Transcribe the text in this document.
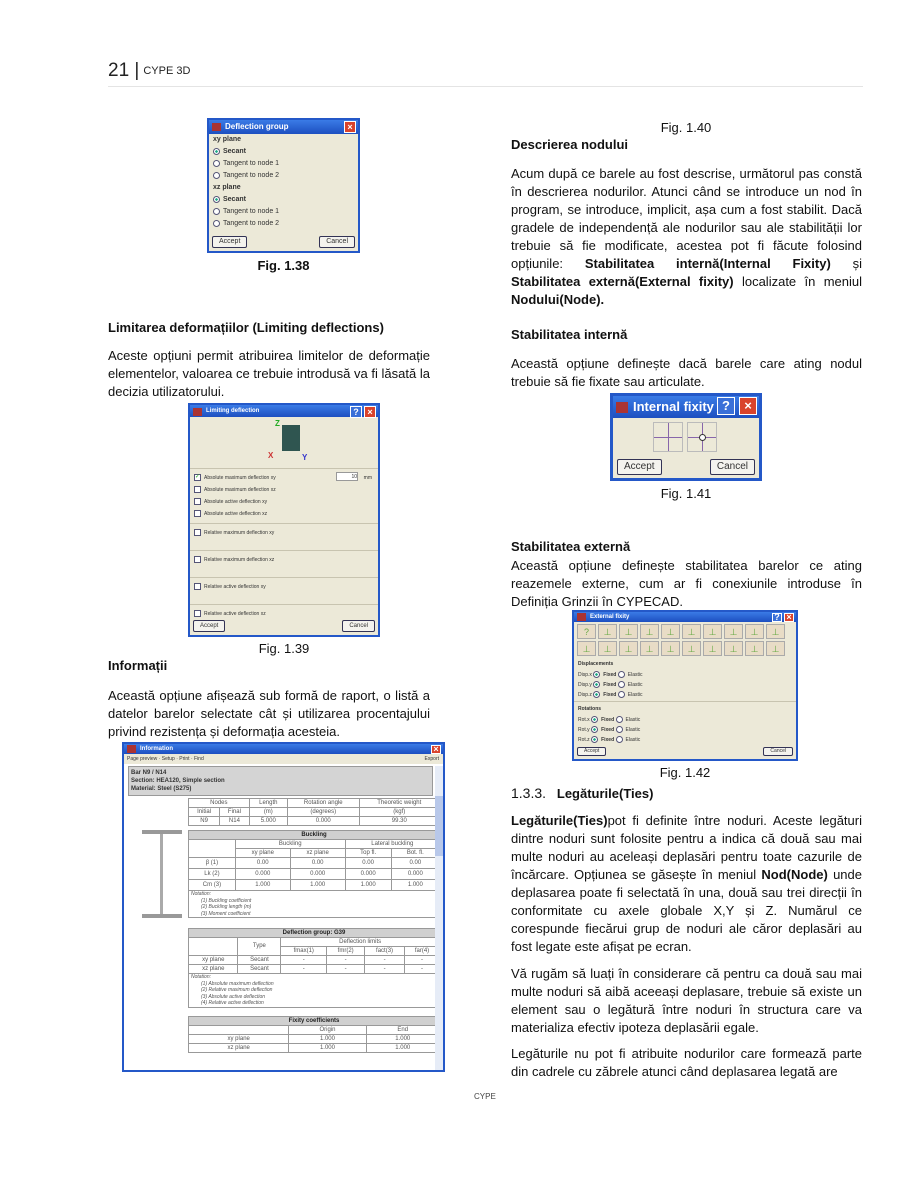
21 | CYPE 3D
Deflection group	×
xy plane
Secant
Tangent to node 1
Tangent to node 2
xz plane
Secant
Tangent to node 1
Tangent to node 2
Accept	Cancel
Fig. 1.38
Limitarea deformațiilor (Limiting deflections)
Aceste opțiuni permit atribuirea limitelor de deformație elementelor, valoarea ce trebuie introdusă va fi lăsată la decizia utilizatorului.
Limiting deflection	? ×
Z
X	Y
✓ Absolute maximum deflection xy	10 mm
Absolute maximum deflection xz
Absolute active deflection xy
Absolute active deflection xz
Relative maximum deflection xy
Relative maximum deflection xz
Relative active deflection xy
Relative active deflection xz
Accept	Cancel
Fig. 1.39
Informații
Această opțiune afișează sub formă de raport, o listă a datelor barelor selectate cât și utilizarea procentajului privind rezistența și deformația acesteia.
Information	×
Page preview · Setup · Print · Find	Export
Bar N9 / N14
Section: HEA120, Simple section
Material: Steel (S275)
Nodes		Length	Rotation angle	Theoretic weight
Initial	Final	(m)	(degrees)	(kgf)
N9	N14	5.000	0.000	99.30
Buckling				
	Buckling		Lateral buckling	
	xy plane	xz plane	Top fl.	Bot. fl.
β (1)	0.00	0.00	0.00	0.00
Lk (2)	0.000	0.000	0.000	0.000
Cm (3)	1.000	1.000	1.000	1.000

Notation:
(1) Buckling coefficient
(2) Buckling length (m)
(3) Moment coefficient				
Deflection group: G39					
	Type	Deflection limits			
		fmax(1)	fmr(2)	fact(3)	far(4)
xy plane	Secant	-	-	-	-
xz plane	Secant	-	-	-	-

Notation:
(1) Absolute maximum deflection
(2) Relative maximum deflection
(3) Absolute active deflection
(4) Relative active deflection					
Fixity coefficients		
	Origin	End
xy plane	1.000	1.000
xz plane	1.000	1.000
Fig. 1.40
Descrierea nodului
Acum după ce barele au fost descrise, următorul pas constă în descrierea nodurilor. Atunci când se introduce un nod în program, se introduce, implicit, așa cum a fost stabilit. Dacă gradele de independență ale nodurilor sau ale stabilității lor trebuie să fie modificate, acestea pot fi făcute folosind opțiunile: Stabilitatea internă(Internal Fixity) și Stabilitatea externă(External fixity) localizate în meniul Nodului(Node).
Stabilitatea internă
Această opțiune definește dacă barele care ating nodul trebuie să fie fixate sau articulate.
Internal fixity ?	×
Accept	Cancel
Fig. 1.41
Stabilitatea externă
Această opțiune definește stabilitatea barelor ce ating reazemele externe, cum ar fi conexiunile introduse în Definiția Grinzii în CYPECAD.
External fixity	? ×
? ⊥ ⊥ ⊥ ⊥ ⊥ ⊥ ⊥ ⊥ ⊥⊥ ⊥ ⊥ ⊥ ⊥ ⊥ ⊥ ⊥ ⊥ ⊥
Displacements
Disp.x Fixed Elastic
Disp.y Fixed Elastic
Disp.z Fixed Elastic
Rotations
Rot.x Fixed Elastic
Rot.y Fixed Elastic
Rot.z Fixed Elastic
Accept	Cancel
Fig. 1.42
1.3.3. Legăturile(Ties)
Legăturile(Ties)pot fi definite între noduri. Aceste legături dintre noduri sunt folosite pentru a indica că două sau mai multe noduri au aceleași deplasări pentru toate cazurile de încărcare. Opțiunea se găsește în meniul Nod(Node) unde deplasarea poate fi selectată în una, două sau trei direcții în conformitate cu axele globale X,Y și Z. Numărul ce corespunde fiecărui grup de noduri ale căror deplasări au fost legate este afișat pe ecran.
Vă rugăm să luați în considerare că pentru ca două sau mai multe noduri să aibă aceeași deplasare, trebuie să existe un element sau o legătură între noduri în structura care va materializa efectiv ipoteza deplasării egale.
Legăturile nu pot fi atribuite nodurilor care formează parte din cadrele cu zăbrele atunci când deplasarea legată are
CYPE
